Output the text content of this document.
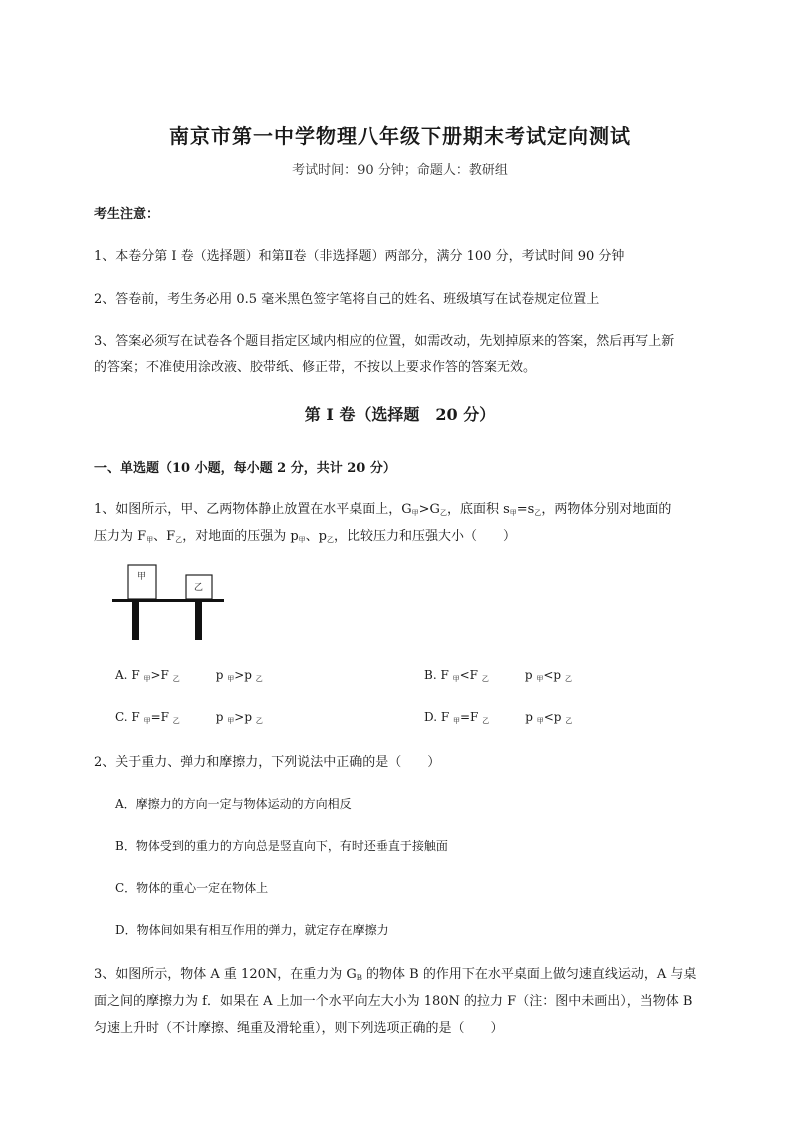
南京市第一中学物理八年级下册期末考试定向测试
考试时间：90 分钟；命题人：教研组
考生注意：
1、本卷分第 I 卷（选择题）和第Ⅱ卷（非选择题）两部分，满分 100 分，考试时间 90 分钟
2、答卷前，考生务必用 0.5 毫米黑色签字笔将自己的姓名、班级填写在试卷规定位置上
3、答案必须写在试卷各个题目指定区域内相应的位置，如需改动，先划掉原来的答案，然后再写上新
的答案；不准使用涂改液、胶带纸、修正带，不按以上要求作答的答案无效。
第 I 卷（选择题　20 分）
一、单选题（10 小题，每小题 2 分，共计 20 分）
1、如图所示，甲、乙两物体静止放置在水平桌面上，$G_甲>G_乙$，底面积 $s_甲=s_乙$，两物体分别对地面的
压力为 $F_甲$、$F_乙$，对地面的压强为 $p_甲$、$p_乙$，比较压力和压强大小（　　）
甲
乙
A. F $_甲$>F $_乙$	p $_甲$>p $_乙$	B. F $_甲$<F $_乙$	p $_甲$<p $_乙$
C. F $_甲$=F $_乙$	p $_甲$>p $_乙$	D. F $_甲$=F $_乙$	p $_甲$<p $_乙$
2、关于重力、弹力和摩擦力，下列说法中正确的是（　　）
A．摩擦力的方向一定与物体运动的方向相反
B．物体受到的重力的方向总是竖直向下，有时还垂直于接触面
C．物体的重心一定在物体上
D．物体间如果有相互作用的弹力，就定存在摩擦力
3、如图所示，物体 A 重 120N，在重力为 $G_B$ 的物体 B 的作用下在水平桌面上做匀速直线运动，A 与桌
面之间的摩擦力为 f．如果在 A 上加一个水平向左大小为 180N 的拉力 F（注：图中未画出），当物体 B
匀速上升时（不计摩擦、绳重及滑轮重），则下列选项正确的是（　　）
